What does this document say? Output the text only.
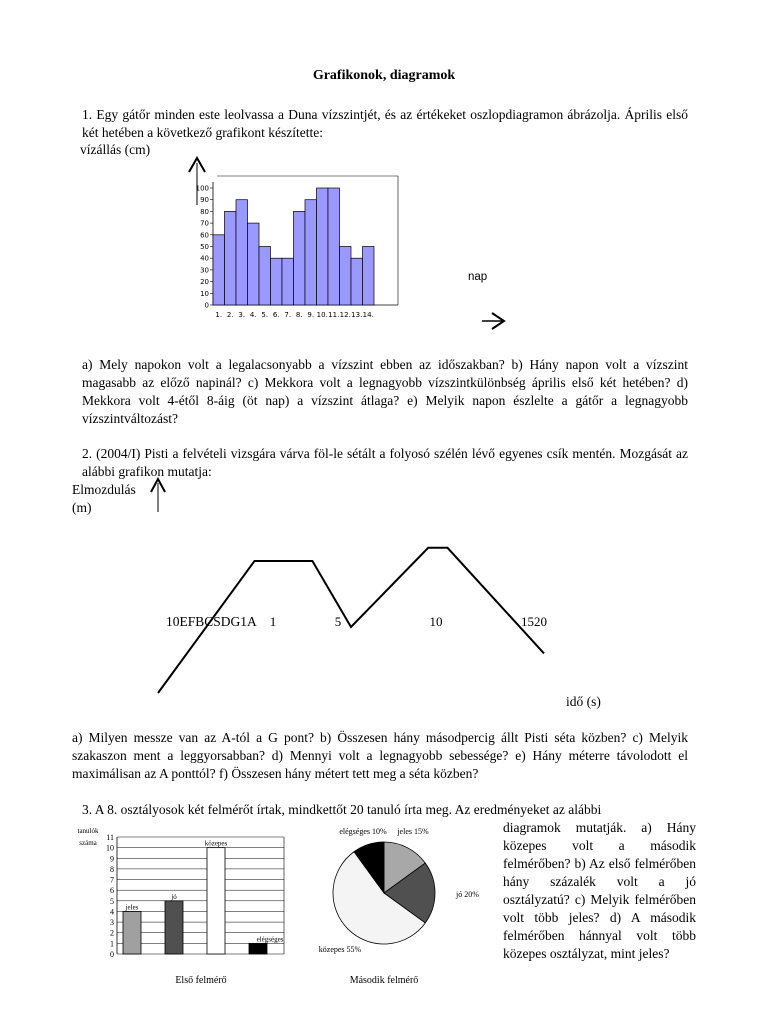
Grafikonok, diagramok
1. Egy gátőr minden este leolvassa a Duna vízszintjét, és az értékeket oszlopdiagramon ábrázolja. Április első két hetében a következő grafikont készítette:
vízállás (cm)
0
10
20
30
40
50
60
70
80
90
100
1. 2. 3. 4. 5. 6. 7. 8. 9. 10. 11. 12. 13. 14.
1	5	10	1520
tanulók
száma
0
1
2
3
4
5
6
7
8
9
10
11
jeles
jó
közepes
elégséges
Első felmérő
jeles 15%
jó 20%
közepes 55%
elégséges 10%
Második felmérő
nap
a) Mely napokon volt a legalacsonyabb a vízszint ebben az időszakban? b) Hány napon volt a vízszint magasabb az előző napinál? c) Mekkora volt a legnagyobb vízszintkülönbség április első két hetében? d) Mekkora volt 4-étől 8-áig (öt nap) a vízszint átlaga? e) Melyik napon észlelte a gátőr a legnagyobb vízszintváltozást?
2. (2004/I) Pisti a felvételi vizsgára várva föl-le sétált a folyosó szélén lévő egyenes csík mentén. Mozgását az alábbi grafikon mutatja:
Elmozdulás
(m)
10EFBCSDG1A
idő (s)
a) Milyen messze van az A-tól a G pont? b) Összesen hány másodpercig állt Pisti séta közben? c) Melyik szakaszon ment a leggyorsabban? d) Mennyi volt a legnagyobb sebessége? e) Hány méterre távolodott el maximálisan az A ponttól? f) Összesen hány métert tett meg a séta közben?
3. A 8. osztályosok két felmérőt írtak, mindkettőt 20 tanuló írta meg. Az eredményeket az alábbi
diagramok mutatják. a) Hány közepes volt a második felmérőben? b) Az első felmérőben hány százalék volt a jó osztályzatú? c) Melyik felmérőben volt több jeles? d) A második felmérőben hánnyal volt több közepes osztályzat, mint jeles?
